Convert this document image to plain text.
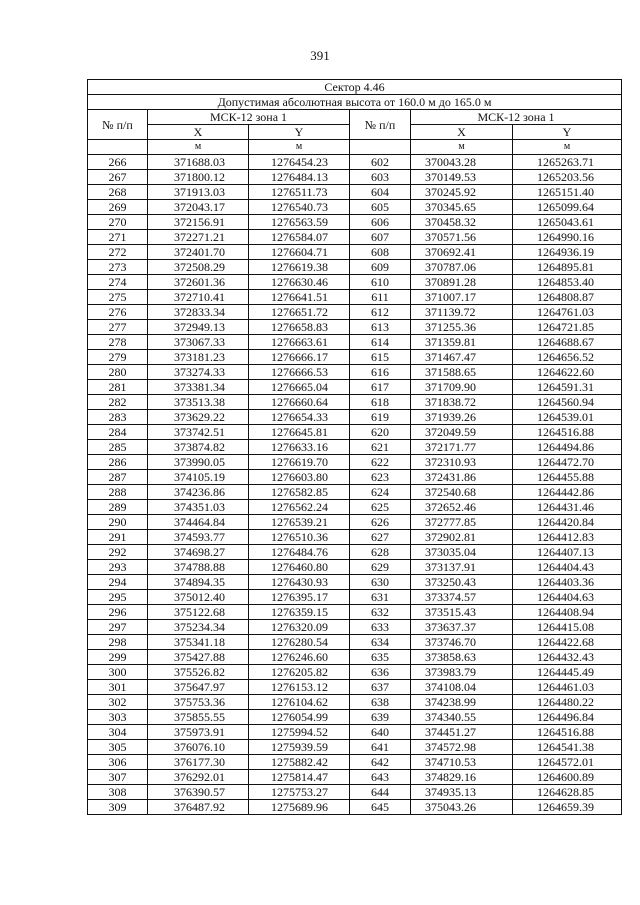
391
Сектор 4.46					
Допустимая абсолютная высота от 160.0 м до 165.0 м					
№ п/п	МСК-12 зона 1		№ п/п	МСК-12 зона 1	
	X	Y		X	Y
	м	м		м	м
266	371688.03	1276454.23	602	370043.28	1265263.71
267	371800.12	1276484.13	603	370149.53	1265203.56
268	371913.03	1276511.73	604	370245.92	1265151.40
269	372043.17	1276540.73	605	370345.65	1265099.64
270	372156.91	1276563.59	606	370458.32	1265043.61
271	372271.21	1276584.07	607	370571.56	1264990.16
272	372401.70	1276604.71	608	370692.41	1264936.19
273	372508.29	1276619.38	609	370787.06	1264895.81
274	372601.36	1276630.46	610	370891.28	1264853.40
275	372710.41	1276641.51	611	371007.17	1264808.87
276	372833.34	1276651.72	612	371139.72	1264761.03
277	372949.13	1276658.83	613	371255.36	1264721.85
278	373067.33	1276663.61	614	371359.81	1264688.67
279	373181.23	1276666.17	615	371467.47	1264656.52
280	373274.33	1276666.53	616	371588.65	1264622.60
281	373381.34	1276665.04	617	371709.90	1264591.31
282	373513.38	1276660.64	618	371838.72	1264560.94
283	373629.22	1276654.33	619	371939.26	1264539.01
284	373742.51	1276645.81	620	372049.59	1264516.88
285	373874.82	1276633.16	621	372171.77	1264494.86
286	373990.05	1276619.70	622	372310.93	1264472.70
287	374105.19	1276603.80	623	372431.86	1264455.88
288	374236.86	1276582.85	624	372540.68	1264442.86
289	374351.03	1276562.24	625	372652.46	1264431.46
290	374464.84	1276539.21	626	372777.85	1264420.84
291	374593.77	1276510.36	627	372902.81	1264412.83
292	374698.27	1276484.76	628	373035.04	1264407.13
293	374788.88	1276460.80	629	373137.91	1264404.43
294	374894.35	1276430.93	630	373250.43	1264403.36
295	375012.40	1276395.17	631	373374.57	1264404.63
296	375122.68	1276359.15	632	373515.43	1264408.94
297	375234.34	1276320.09	633	373637.37	1264415.08
298	375341.18	1276280.54	634	373746.70	1264422.68
299	375427.88	1276246.60	635	373858.63	1264432.43
300	375526.82	1276205.82	636	373983.79	1264445.49
301	375647.97	1276153.12	637	374108.04	1264461.03
302	375753.36	1276104.62	638	374238.99	1264480.22
303	375855.55	1276054.99	639	374340.55	1264496.84
304	375973.91	1275994.52	640	374451.27	1264516.88
305	376076.10	1275939.59	641	374572.98	1264541.38
306	376177.30	1275882.42	642	374710.53	1264572.01
307	376292.01	1275814.47	643	374829.16	1264600.89
308	376390.57	1275753.27	644	374935.13	1264628.85
309	376487.92	1275689.96	645	375043.26	1264659.39
